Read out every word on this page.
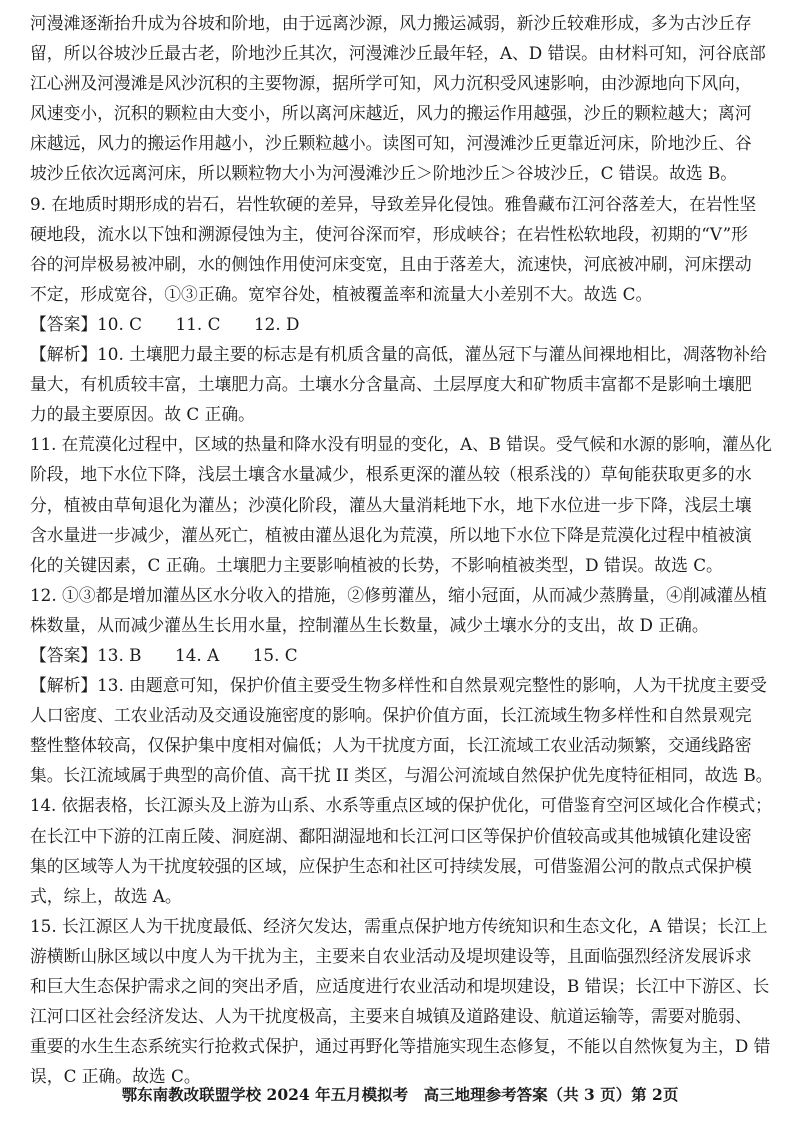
河漫滩逐渐抬升成为谷坡和阶地，由于远离沙源，风力搬运减弱，新沙丘较难形成，多为古沙丘存
留，所以谷坡沙丘最古老，阶地沙丘其次，河漫滩沙丘最年轻，A、D 错误。由材料可知，河谷底部
江心洲及河漫滩是风沙沉积的主要物源，据所学可知，风力沉积受风速影响，由沙源地向下风向，
风速变小，沉积的颗粒由大变小，所以离河床越近，风力的搬运作用越强，沙丘的颗粒越大；离河
床越远，风力的搬运作用越小，沙丘颗粒越小。读图可知，河漫滩沙丘更靠近河床，阶地沙丘、谷
坡沙丘依次远离河床，所以颗粒物大小为河漫滩沙丘＞阶地沙丘＞谷坡沙丘，C 错误。故选 B。
9. 在地质时期形成的岩石，岩性软硬的差异，导致差异化侵蚀。雅鲁藏布江河谷落差大，在岩性坚
硬地段，流水以下蚀和溯源侵蚀为主，使河谷深而窄，形成峡谷；在岩性松软地段，初期的“V”形
谷的河岸极易被冲刷，水的侧蚀作用使河床变宽，且由于落差大，流速快，河底被冲刷，河床摆动
不定，形成宽谷，①③正确。宽窄谷处，植被覆盖率和流量大小差别不大。故选 C。
【答案】10. C　　11. C　　12. D
【解析】10. 土壤肥力最主要的标志是有机质含量的高低，灌丛冠下与灌丛间裸地相比，凋落物补给
量大，有机质较丰富，土壤肥力高。土壤水分含量高、土层厚度大和矿物质丰富都不是影响土壤肥
力的最主要原因。故 C 正确。
11. 在荒漠化过程中，区域的热量和降水没有明显的变化，A、B 错误。受气候和水源的影响，灌丛化
阶段，地下水位下降，浅层土壤含水量减少，根系更深的灌丛较（根系浅的）草甸能获取更多的水
分，植被由草甸退化为灌丛；沙漠化阶段，灌丛大量消耗地下水，地下水位进一步下降，浅层土壤
含水量进一步减少，灌丛死亡，植被由灌丛退化为荒漠，所以地下水位下降是荒漠化过程中植被演
化的关键因素，C 正确。土壤肥力主要影响植被的长势，不影响植被类型，D 错误。故选 C。
12. ①③都是增加灌丛区水分收入的措施，②修剪灌丛，缩小冠面，从而减少蒸腾量，④削减灌丛植
株数量，从而减少灌丛生长用水量，控制灌丛生长数量，减少土壤水分的支出，故 D 正确。
【答案】13. B　　14. A　　15. C
【解析】13. 由题意可知，保护价值主要受生物多样性和自然景观完整性的影响，人为干扰度主要受
人口密度、工农业活动及交通设施密度的影响。保护价值方面，长江流域生物多样性和自然景观完
整性整体较高，仅保护集中度相对偏低；人为干扰度方面，长江流域工农业活动频繁，交通线路密
集。长江流域属于典型的高价值、高干扰 II 类区，与湄公河流域自然保护优先度特征相同，故选 B。
14. 依据表格，长江源头及上游为山系、水系等重点区域的保护优化，可借鉴育空河区域化合作模式；
在长江中下游的江南丘陵、洞庭湖、鄱阳湖湿地和长江河口区等保护价值较高或其他城镇化建设密
集的区域等人为干扰度较强的区域，应保护生态和社区可持续发展，可借鉴湄公河的散点式保护模
式，综上，故选 A。
15. 长江源区人为干扰度最低、经济欠发达，需重点保护地方传统知识和生态文化，A 错误；长江上
游横断山脉区域以中度人为干扰为主，主要来自农业活动及堤坝建设等，且面临强烈经济发展诉求
和巨大生态保护需求之间的突出矛盾，应适度进行农业活动和堤坝建设，B 错误；长江中下游区、长
江河口区社会经济发达、人为干扰度极高，主要来自城镇及道路建设、航道运输等，需要对脆弱、
重要的水生生态系统实行抢救式保护，通过再野化等措施实现生态修复，不能以自然恢复为主，D 错
误，C 正确。故选 C。
鄂东南教改联盟学校 2024 年五月模拟考　高三地理参考答案（共 3 页）第 2页
